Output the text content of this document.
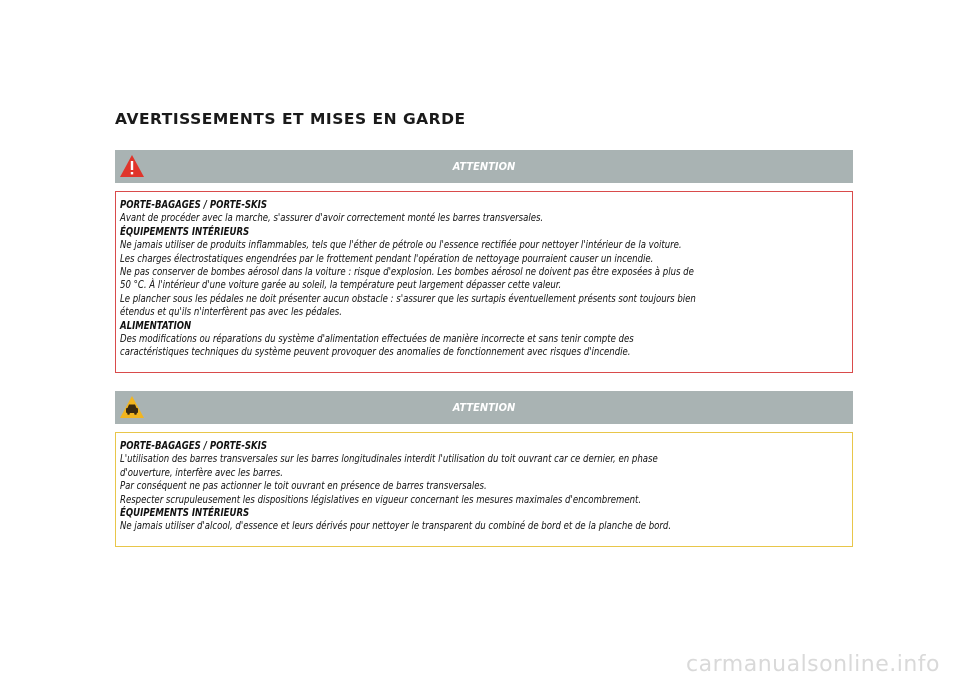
AVERTISSEMENTS ET MISES EN GARDE
ATTENTION
PORTE-BAGAGES / PORTE-SKIS
Avant de procéder avec la marche, s'assurer d'avoir correctement monté les barres transversales.
ÉQUIPEMENTS INTÉRIEURS
Ne jamais utiliser de produits inflammables, tels que l'éther de pétrole ou l'essence rectifiée pour nettoyer l'intérieur de la voiture.
Les charges électrostatiques engendrées par le frottement pendant l'opération de nettoyage pourraient causer un incendie.
Ne pas conserver de bombes aérosol dans la voiture : risque d'explosion. Les bombes aérosol ne doivent pas être exposées à plus de
50 °C. À l'intérieur d'une voiture garée au soleil, la température peut largement dépasser cette valeur.
Le plancher sous les pédales ne doit présenter aucun obstacle : s'assurer que les surtapis éventuellement présents sont toujours bien
étendus et qu'ils n'interfèrent pas avec les pédales.
ALIMENTATION
Des modifications ou réparations du système d'alimentation effectuées de manière incorrecte et sans tenir compte des
caractéristiques techniques du système peuvent provoquer des anomalies de fonctionnement avec risques d'incendie.
ATTENTION
PORTE-BAGAGES / PORTE-SKIS
L'utilisation des barres transversales sur les barres longitudinales interdit l'utilisation du toit ouvrant car ce dernier, en phase
d'ouverture, interfère avec les barres.
Par conséquent ne pas actionner le toit ouvrant en présence de barres transversales.
Respecter scrupuleusement les dispositions législatives en vigueur concernant les mesures maximales d'encombrement.
ÉQUIPEMENTS INTÉRIEURS
Ne jamais utiliser d'alcool, d'essence et leurs dérivés pour nettoyer le transparent du combiné de bord et de la planche de bord.
carmanualsonline.info
